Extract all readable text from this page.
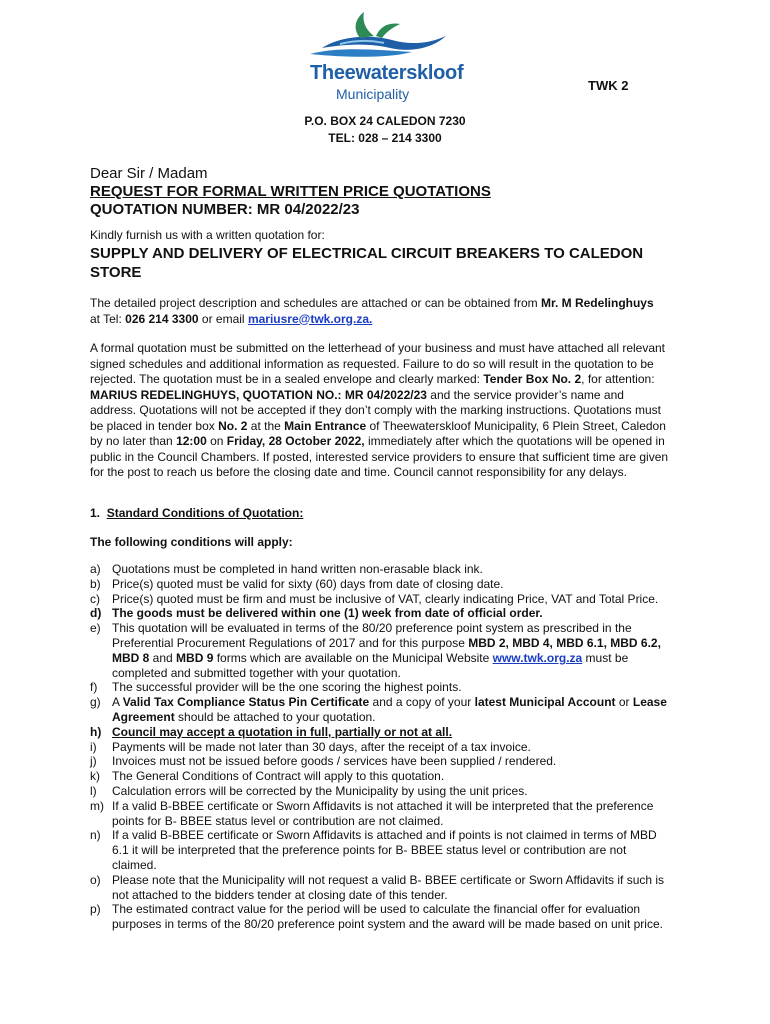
Theewaterskloof
Municipality
TWK 2
P.O. BOX 24 CALEDON 7230
TEL: 028 – 214 3300
Dear Sir / Madam
REQUEST FOR FORMAL WRITTEN PRICE QUOTATIONS
QUOTATION NUMBER: MR 04/2022/23
Kindly furnish us with a written quotation for:
SUPPLY AND DELIVERY OF ELECTRICAL CIRCUIT BREAKERS TO CALEDON
STORE
The detailed project description and schedules are attached or can be obtained from Mr. M Redelinghuys
at Tel: 026 214 3300 or email mariusre@twk.org.za.
A formal quotation must be submitted on the letterhead of your business and must have attached all relevant signed schedules and additional information as requested. Failure to do so will result in the quotation to be rejected. The quotation must be in a sealed envelope and clearly marked: Tender Box No. 2, for attention: MARIUS REDELINGHUYS, QUOTATION NO.: MR 04/2022/23 and the service provider’s name and address. Quotations will not be accepted if they don’t comply with the marking instructions. Quotations must be placed in tender box No. 2 at the Main Entrance of Theewaterskloof Municipality, 6 Plein Street, Caledon by no later than 12:00 on Friday, 28 October 2022, immediately after which the quotations will be opened in public in the Council Chambers. If posted, interested service providers to ensure that sufficient time are given for the post to reach us before the closing date and time. Council cannot responsibility for any delays.
1. Standard Conditions of Quotation:
The following conditions will apply:
a) Quotations must be completed in hand written non-erasable black ink.
b) Price(s) quoted must be valid for sixty (60) days from date of closing date.
c)	Price(s) quoted must be firm and must be inclusive of VAT, clearly indicating Price, VAT and Total Price.
d) The goods must be delivered within one (1) week from date of official order.
e) This quotation will be evaluated in terms of the 80/20 preference point system as prescribed in the Preferential Procurement Regulations of 2017 and for this purpose MBD 2, MBD 4, MBD 6.1, MBD 6.2, MBD 8 and MBD 9 forms which are available on the Municipal Website www.twk.org.za must be completed and submitted together with your quotation.
f)	The successful provider will be the one scoring the highest points.
g) A Valid Tax Compliance Status Pin Certificate and a copy of your latest Municipal Account or Lease Agreement should be attached to your quotation.
h) Council may accept a quotation in full, partially or not at all.
i)	Payments will be made not later than 30 days, after the receipt of a tax invoice.
j)	Invoices must not be issued before goods / services have been supplied / rendered.
k)	The General Conditions of Contract will apply to this quotation.
l)	Calculation errors will be corrected by the Municipality by using the unit prices.
m) If a valid B-BBEE certificate or Sworn Affidavits is not attached it will be interpreted that the preference points for B- BBEE status level or contribution are not claimed.
n) If a valid B-BBEE certificate or Sworn Affidavits is attached and if points is not claimed in terms of MBD 6.1 it will be interpreted that the preference points for B- BBEE status level or contribution are not claimed.
o) Please note that the Municipality will not request a valid B- BBEE certificate or Sworn Affidavits if such is not attached to the bidders tender at closing date of this tender.
p) The estimated contract value for the period will be used to calculate the financial offer for evaluation purposes in terms of the 80/20 preference point system and the award will be made based on unit price.
